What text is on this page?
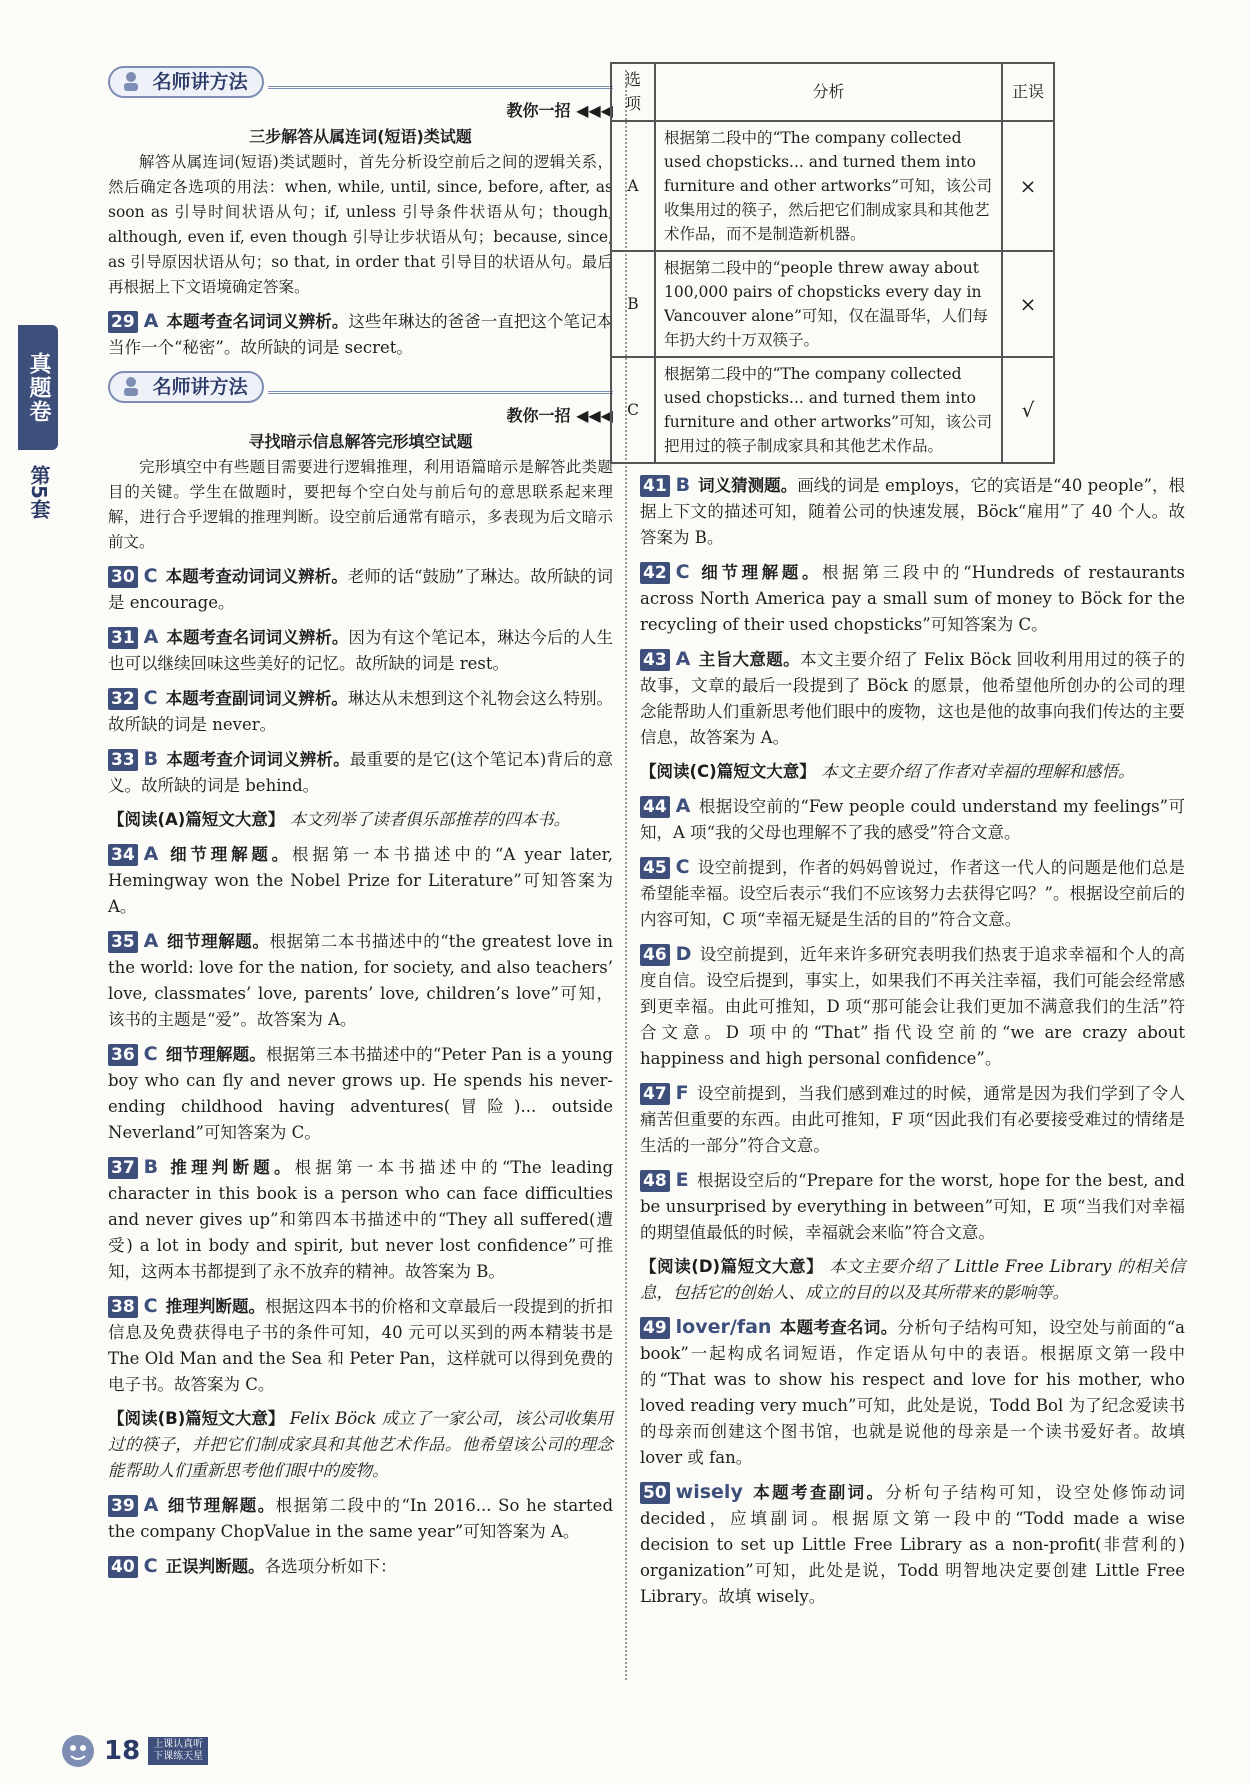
真题卷
第5套
名师讲方法
教你一招 ◀◀◀
三步解答从属连词(短语)类试题

解答从属连词(短语)类试题时，首先分析设空前后之间的逻辑关系，然后确定各选项的用法：when, while, until, since, before, after, as soon as 引导时间状语从句；if, unless 引导条件状语从句；though, although, even if, even though 引导让步状语从句；because, since, as 引导原因状语从句；so that, in order that 引导目的状语从句。最后再根据上下文语境确定答案。

29 A 本题考查名词词义辨析。这些年琳达的爸爸一直把这个笔记本当作一个“秘密”。故所缺的词是 secret。

名师讲方法
教你一招 ◀◀◀
寻找暗示信息解答完形填空试题

完形填空中有些题目需要进行逻辑推理，利用语篇暗示是解答此类题目的关键。学生在做题时，要把每个空白处与前后句的意思联系起来理解，进行合乎逻辑的推理判断。设空前后通常有暗示，多表现为后文暗示前文。

30 C 本题考查动词词义辨析。老师的话“鼓励”了琳达。故所缺的词是 encourage。

31 A 本题考查名词词义辨析。因为有这个笔记本，琳达今后的人生也可以继续回味这些美好的记忆。故所缺的词是 rest。

32 C 本题考查副词词义辨析。琳达从未想到这个礼物会这么特别。故所缺的词是 never。

33 B 本题考查介词词义辨析。最重要的是它(这个笔记本)背后的意义。故所缺的词是 behind。

【阅读(A)篇短文大意】 本文列举了读者俱乐部推荐的四本书。

34 A 细节理解题。根据第一本书描述中的“A year later, Hemingway won the Nobel Prize for Literature”可知答案为 A。

35 A 细节理解题。根据第二本书描述中的“the greatest love in the world: love for the nation, for society, and also teachers’ love, classmates’ love, parents’ love, children’s love”可知，该书的主题是“爱”。故答案为 A。

36 C 细节理解题。根据第三本书描述中的“Peter Pan is a young boy who can fly and never grows up. He spends his never-ending childhood having adventures(冒险)... outside Neverland”可知答案为 C。

37 B 推理判断题。根据第一本书描述中的“The leading character in this book is a person who can face difficulties and never gives up”和第四本书描述中的“They all suffered(遭受) a lot in body and spirit, but never lost confidence”可推知，这两本书都提到了永不放弃的精神。故答案为 B。

38 C 推理判断题。根据这四本书的价格和文章最后一段提到的折扣信息及免费获得电子书的条件可知，40 元可以买到的两本精装书是 The Old Man and the Sea 和 Peter Pan，这样就可以得到免费的电子书。故答案为 C。

【阅读(B)篇短文大意】 Felix Böck 成立了一家公司，该公司收集用过的筷子，并把它们制成家具和其他艺术作品。他希望该公司的理念能帮助人们重新思考他们眼中的废物。

39 A 细节理解题。根据第二段中的“In 2016... So he started the company ChopValue in the same year”可知答案为 A。

40 C 正误判断题。各选项分析如下：

选项	分析	正误
A	根据第二段中的“The company collected used chopsticks... and turned them into furniture and other artworks”可知，该公司收集用过的筷子，然后把它们制成家具和其他艺术作品，而不是制造新机器。	×
B	根据第二段中的“people threw away about 100,000 pairs of chopsticks every day in Vancouver alone”可知，仅在温哥华，人们每年扔大约十万双筷子。	×
C	根据第二段中的“The company collected used chopsticks... and turned them into furniture and other artworks”可知，该公司把用过的筷子制成家具和其他艺术作品。	√

41 B 词义猜测题。画线的词是 employs，它的宾语是“40 people”，根据上下文的描述可知，随着公司的快速发展，Böck“雇用”了 40 个人。故答案为 B。

42 C 细节理解题。根据第三段中的“Hundreds of restaurants across North America pay a small sum of money to Böck for the recycling of their used chopsticks”可知答案为 C。

43 A 主旨大意题。本文主要介绍了 Felix Böck 回收利用用过的筷子的故事，文章的最后一段提到了 Böck 的愿景，他希望他所创办的公司的理念能帮助人们重新思考他们眼中的废物，这也是他的故事向我们传达的主要信息，故答案为 A。

【阅读(C)篇短文大意】 本文主要介绍了作者对幸福的理解和感悟。

44 A 根据设空前的“Few people could understand my feelings”可知，A 项“我的父母也理解不了我的感受”符合文意。

45 C 设空前提到，作者的妈妈曾说过，作者这一代人的问题是他们总是希望能幸福。设空后表示“我们不应该努力去获得它吗？”。根据设空前后的内容可知，C 项“幸福无疑是生活的目的”符合文意。

46 D 设空前提到，近年来许多研究表明我们热衷于追求幸福和个人的高度自信。设空后提到，事实上，如果我们不再关注幸福，我们可能会经常感到更幸福。由此可推知，D 项“那可能会让我们更加不满意我们的生活”符合文意。D 项中的“That”指代设空前的“we are crazy about happiness and high personal confidence”。

47 F 设空前提到，当我们感到难过的时候，通常是因为我们学到了令人痛苦但重要的东西。由此可推知，F 项“因此我们有必要接受难过的情绪是生活的一部分”符合文意。

48 E 根据设空后的“Prepare for the worst, hope for the best, and be unsurprised by everything in between”可知，E 项“当我们对幸福的期望值最低的时候，幸福就会来临”符合文意。

【阅读(D)篇短文大意】 本文主要介绍了 Little Free Library 的相关信息，包括它的创始人、成立的目的以及其所带来的影响等。

49 lover/fan 本题考查名词。分析句子结构可知，设空处与前面的“a book”一起构成名词短语，作定语从句中的表语。根据原文第一段中的“That was to show his respect and love for his mother, who loved reading very much”可知，此处是说，Todd Bol 为了纪念爱读书的母亲而创建这个图书馆，也就是说他的母亲是一个读书爱好者。故填 lover 或 fan。

50 wisely 本题考查副词。分析句子结构可知，设空处修饰动词 decided，应填副词。根据原文第一段中的“Todd made a wise decision to set up Little Free Library as a non-profit(非营利的) organization”可知，此处是说，Todd 明智地决定要创建 Little Free Library。故填 wisely。

18	上课认真听
下课练天星
